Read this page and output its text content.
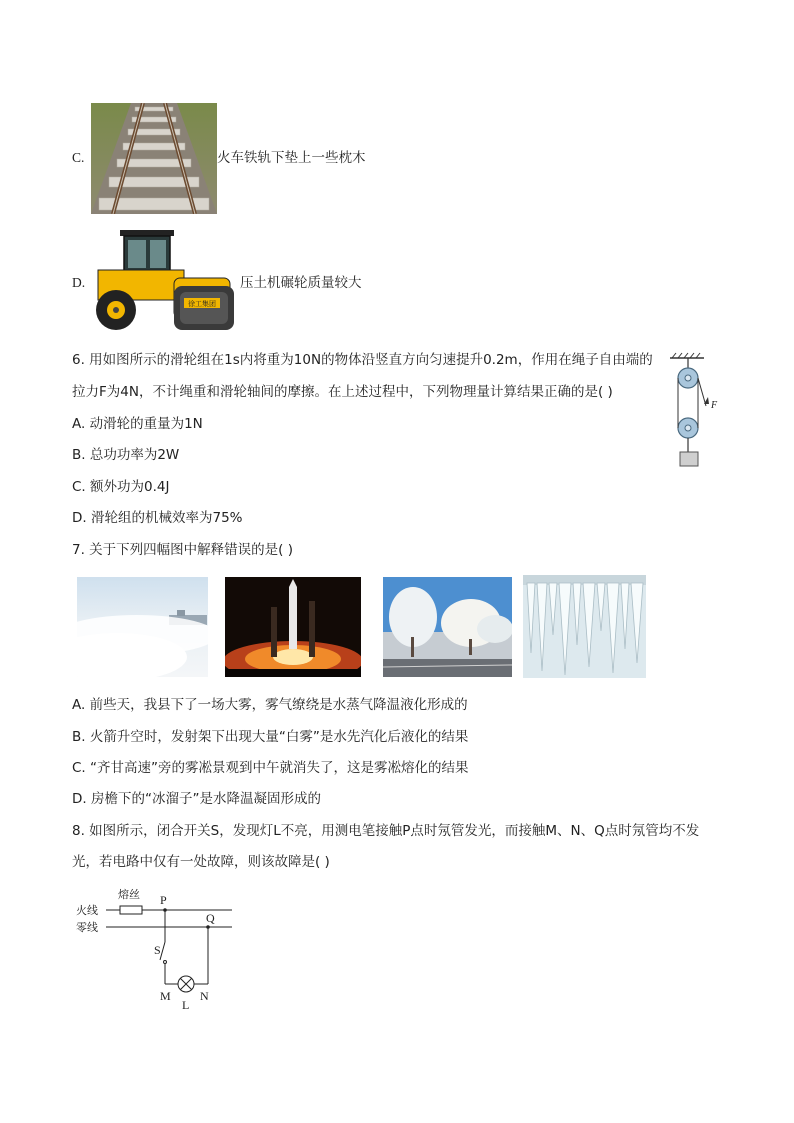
C.	火车铁轨下垫上一些枕木
D.
徐工集团
压土机碾轮质量较大
6. 用如图所示的滑轮组在1s内将重为10N的物体沿竖直方向匀速提升0.2m，作用在绳子自由端的
拉力F为4N，不计绳重和滑轮轴间的摩擦。在上述过程中，下列物理量计算结果正确的是( )
F
A. 动滑轮的重量为1N
B. 总功功率为2W
C. 额外功为0.4J
D. 滑轮组的机械效率为75%
7. 关于下列四幅图中解释错误的是( )
A. 前些天，我县下了一场大雾，雾气缭绕是水蒸气降温液化形成的
B. 火箭升空时，发射架下出现大量“白雾”是水先汽化后液化的结果
C. “齐甘高速”旁的雾凇景观到中午就消失了，这是雾凇熔化的结果
D. 房檐下的“冰溜子”是水降温凝固形成的
8. 如图所示，闭合开关S，发现灯L不亮，用测电笔接触P点时氖管发光，而接触M、N、Q点时氖管均不发
光，若电路中仅有一处故障，则该故障是( )
熔丝
火线
零线
P
Q
S
M N
L
